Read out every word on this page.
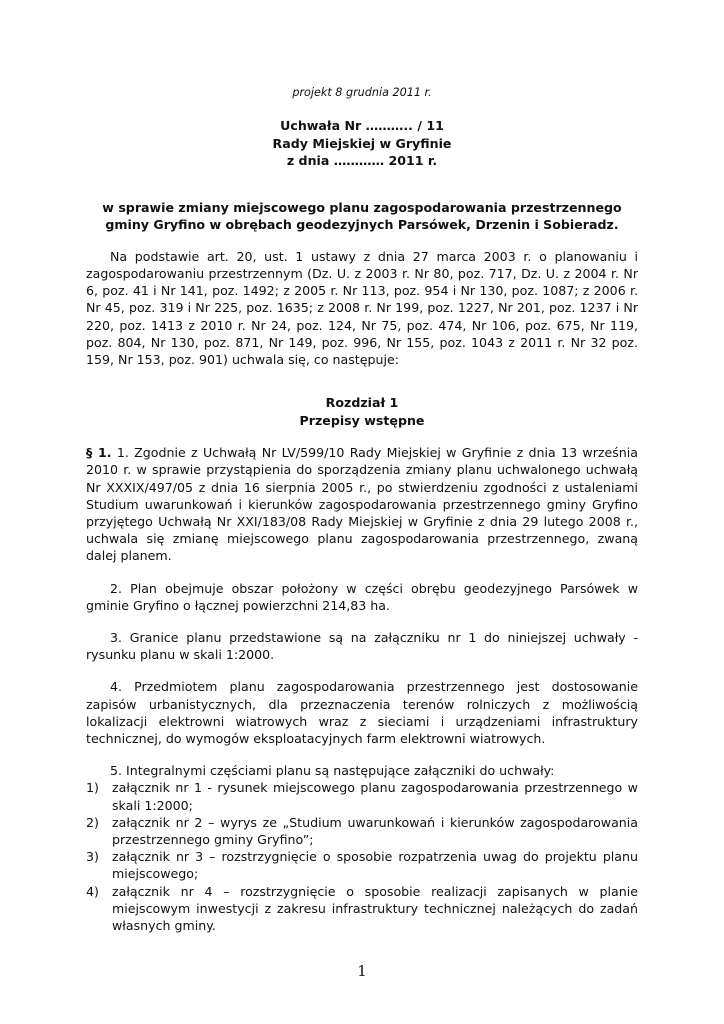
projekt 8 grudnia 2011 r.

Uchwała Nr ……….. / 11
Rady Miejskiej w Gryfinie
z dnia ………… 2011 r.

w sprawie zmiany miejscowego planu zagospodarowania przestrzennego gminy Gryfino w obrębach geodezyjnych Parsówek, Drzenin i Sobieradz.

Na podstawie art. 20, ust. 1 ustawy z dnia 27 marca 2003 r. o planowaniu i zagospodarowaniu przestrzennym (Dz. U. z 2003 r. Nr 80, poz. 717, Dz. U. z 2004 r. Nr 6, poz. 41 i Nr 141, poz. 1492; z 2005 r. Nr 113, poz. 954 i Nr 130, poz. 1087; z 2006 r. Nr 45, poz. 319 i Nr 225, poz. 1635; z 2008 r. Nr 199, poz. 1227, Nr 201, poz. 1237 i Nr 220, poz. 1413 z 2010 r. Nr 24, poz. 124, Nr 75, poz. 474, Nr 106, poz. 675, Nr 119, poz. 804, Nr 130, poz. 871, Nr 149, poz. 996, Nr 155, poz. 1043 z 2011 r. Nr 32 poz. 159, Nr 153, poz. 901) uchwala się, co następuje:

Rozdział 1
Przepisy wstępne

§ 1. 1. Zgodnie z Uchwałą Nr LV/599/10 Rady Miejskiej w Gryfinie z dnia 13 września 2010 r. w sprawie przystąpienia do sporządzenia zmiany planu uchwalonego uchwałą Nr XXXIX/497/05 z dnia 16 sierpnia 2005 r., po stwierdzeniu zgodności z ustaleniami Studium uwarunkowań i kierunków zagospodarowania przestrzennego gminy Gryfino przyjętego Uchwałą Nr XXI/183/08 Rady Miejskiej w Gryfinie z dnia 29 lutego 2008 r., uchwala się zmianę miejscowego planu zagospodarowania przestrzennego, zwaną dalej planem.

2. Plan obejmuje obszar położony w części obrębu geodezyjnego Parsówek w gminie Gryfino o łącznej powierzchni 214,83 ha.

3. Granice planu przedstawione są na załączniku nr 1 do niniejszej uchwały - rysunku planu w skali 1:2000.

4. Przedmiotem planu zagospodarowania przestrzennego jest dostosowanie zapisów urbanistycznych, dla przeznaczenia terenów rolniczych z możliwością lokalizacji elektrowni wiatrowych wraz z sieciami i urządzeniami infrastruktury technicznej, do wymogów eksploatacyjnych farm elektrowni wiatrowych.

5. Integralnymi częściami planu są następujące załączniki do uchwały:

1) załącznik nr 1 - rysunek miejscowego planu zagospodarowania przestrzennego w skali 1:2000;
2) załącznik nr 2 – wyrys ze „Studium uwarunkowań i kierunków zagospodarowania przestrzennego gminy Gryfino”;
3) załącznik nr 3 – rozstrzygnięcie o sposobie rozpatrzenia uwag do projektu planu miejscowego;
4) załącznik nr 4 – rozstrzygnięcie o sposobie realizacji zapisanych w planie miejscowym inwestycji z zakresu infrastruktury technicznej należących do zadań własnych gminy.
1
